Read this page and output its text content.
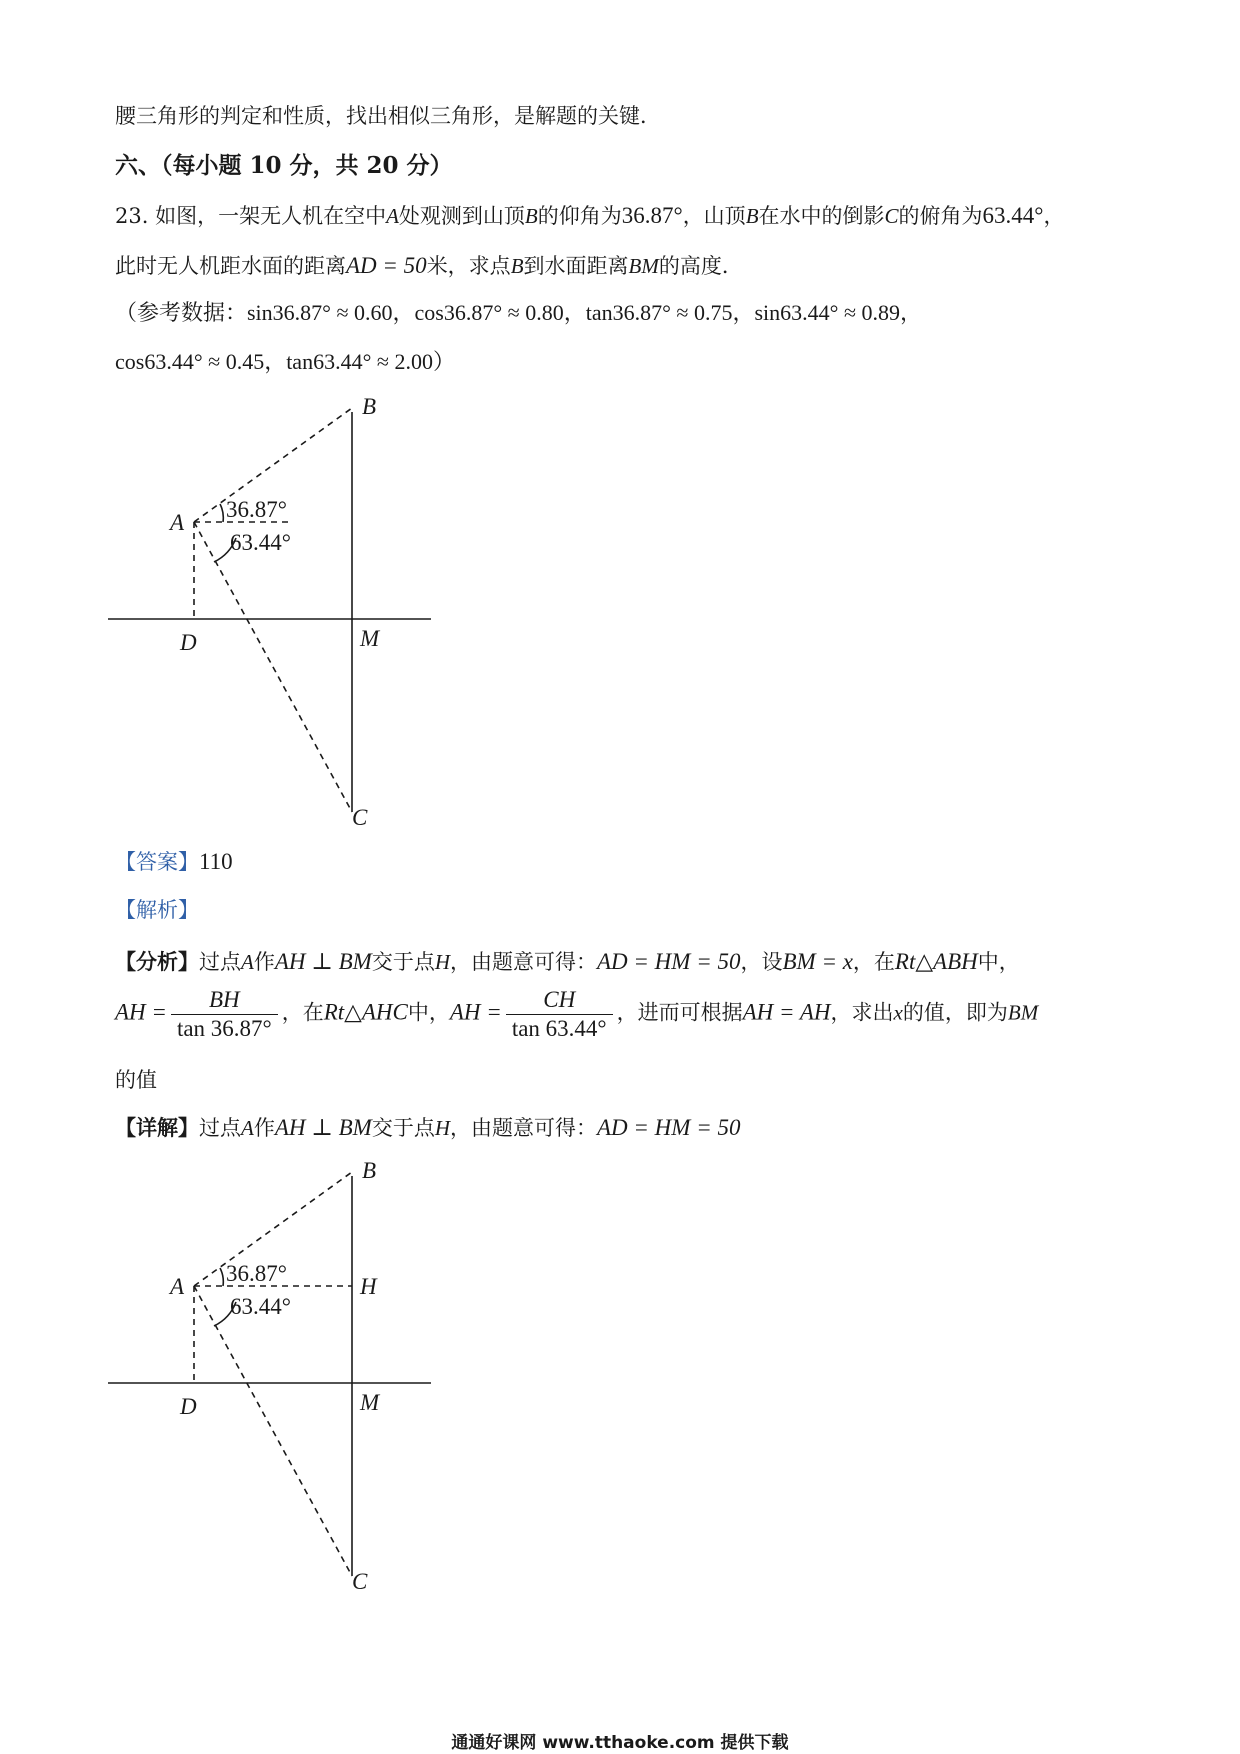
腰三角形的判定和性质，找出相似三角形，是解题的关键．
六、（每小题 10 分，共 20 分）
23. 如图，一架无人机在空中A处观测到山顶B的仰角为36.87°，山顶B在水中的倒影C的俯角为63.44°，
此时无人机距水面的距离AD = 50米，求点B到水面距离BM的高度．
（参考数据：sin36.87° ≈ 0.60，cos36.87° ≈ 0.80，tan36.87° ≈ 0.75，sin63.44° ≈ 0.89，
cos63.44° ≈ 0.45，tan63.44° ≈ 2.00）
B
A
D	M
C
36.87°
63.44°
【答案】110
【解析】
【分析】过点A作AH ⊥ BM交于点H，由题意可得：AD = HM = 50，设BM = x，在Rt△ABH中，
AH = $\frac{BH}{\tan 36.87^\circ}$ ，在Rt△AHC中，AH = $\frac{CH}{\tan 63.44^\circ}$ ，进而可根据AH = AH，求出x的值，即为BM
的值
【详解】过点A作AH ⊥ BM交于点H，由题意可得：AD = HM = 50
B
A	H
D	M
C
36.87°
63.44°
通通好课网 www.tthaoke.com 提供下载
